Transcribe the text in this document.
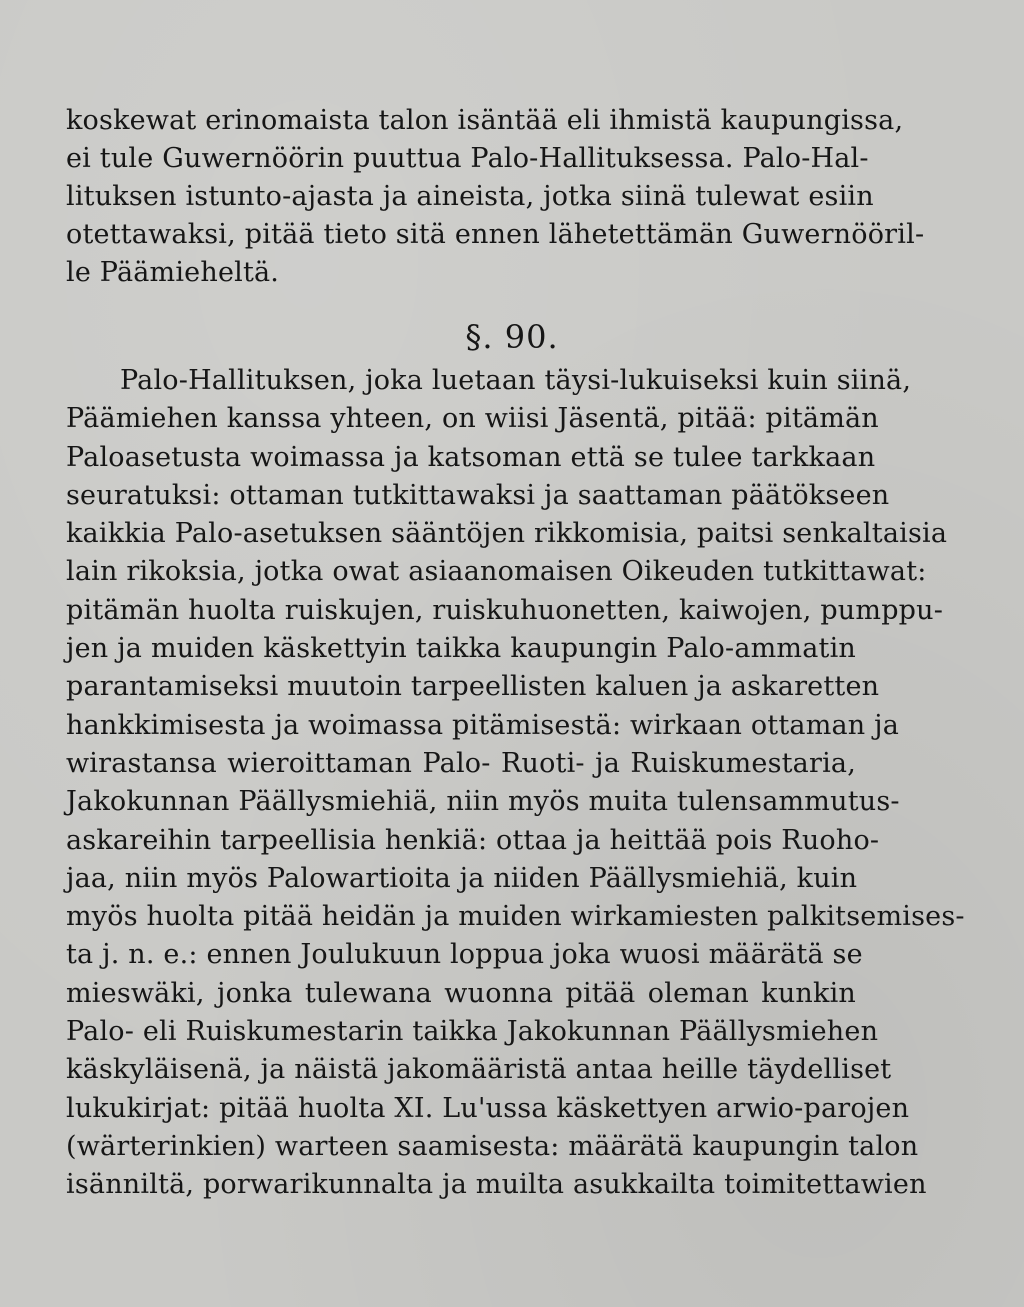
koskewat erinomaista talon isäntää eli ihmistä kaupungissa,
ei tule Guwernöörin puuttua Palo-Hallituksessa. Palo-Hal-
lituksen istunto-ajasta ja aineista, jotka siinä tulewat esiin
otettawaksi, pitää tieto sitä ennen lähetettämän Guwernööril-
le Päämieheltä.
§. 90.
Palo-Hallituksen, joka luetaan täysi-lukuiseksi kuin siinä,
Päämiehen kanssa yhteen, on wiisi Jäsentä, pitää: pitämän
Paloasetusta woimassa ja katsoman että se tulee tarkkaan
seuratuksi: ottaman tutkittawaksi ja saattaman päätökseen
kaikkia Palo-asetuksen sääntöjen rikkomisia, paitsi senkaltaisia
lain rikoksia, jotka owat asiaanomaisen Oikeuden tutkittawat:
pitämän huolta ruiskujen, ruiskuhuonetten, kaiwojen, pumppu-
jen ja muiden käskettyin taikka kaupungin Palo-ammatin
parantamiseksi muutoin tarpeellisten kaluen ja askaretten
hankkimisesta ja woimassa pitämisestä: wirkaan ottaman ja
wirastansa wieroittaman Palo- Ruoti- ja Ruiskumestaria,
Jakokunnan Päällysmiehiä, niin myös muita tulensammutus-
askareihin tarpeellisia henkiä: ottaa ja heittää pois Ruoho-
jaa, niin myös Palowartioita ja niiden Päällysmiehiä, kuin
myös huolta pitää heidän ja muiden wirkamiesten palkitsemises-
ta j. n. e.: ennen Joulukuun loppua joka wuosi määrätä se
mieswäki, jonka tulewana wuonna pitää oleman kunkin
Palo- eli Ruiskumestarin taikka Jakokunnan Päällysmiehen
käskyläisenä, ja näistä jakomääristä antaa heille täydelliset
lukukirjat: pitää huolta XI. Lu'ussa käskettyen arwio-parojen
(wärterinkien) warteen saamisesta: määrätä kaupungin talon
isänniltä, porwarikunnalta ja muilta asukkailta toimitettawien
